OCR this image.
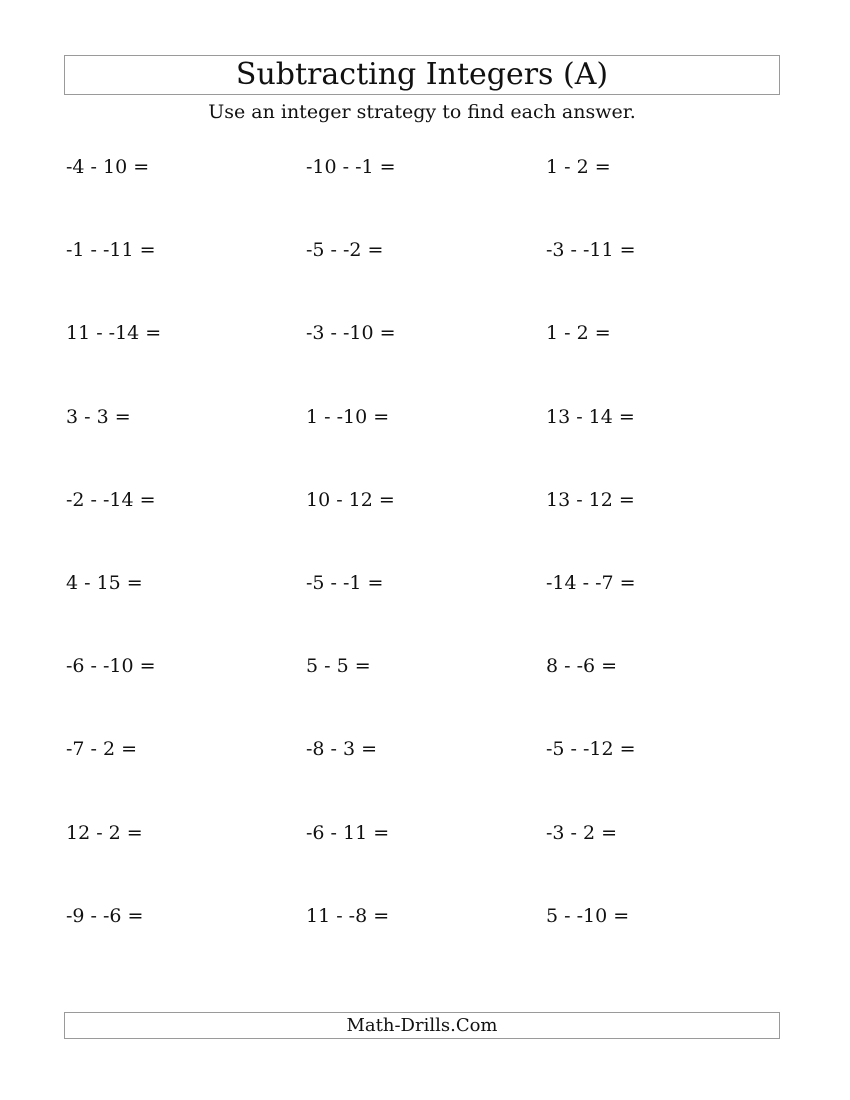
Subtracting Integers (A)

Use an integer strategy to find each answer.

-4 - 10 =	-10 - -1 =	1 - 2 =
-1 - -11 =	-5 - -2 =	-3 - -11 =
11 - -14 =	-3 - -10 =	1 - 2 =
3 - 3 =	1 - -10 =	13 - 14 =
-2 - -14 =	10 - 12 =	13 - 12 =
4 - 15 =	-5 - -1 =	-14 - -7 =
-6 - -10 =	5 - 5 =	8 - -6 =
-7 - 2 =	-8 - 3 =	-5 - -12 =
12 - 2 =	-6 - 11 =	-3 - 2 =
-9 - -6 =	11 - -8 =	5 - -10 =
Math-Drills.Com
